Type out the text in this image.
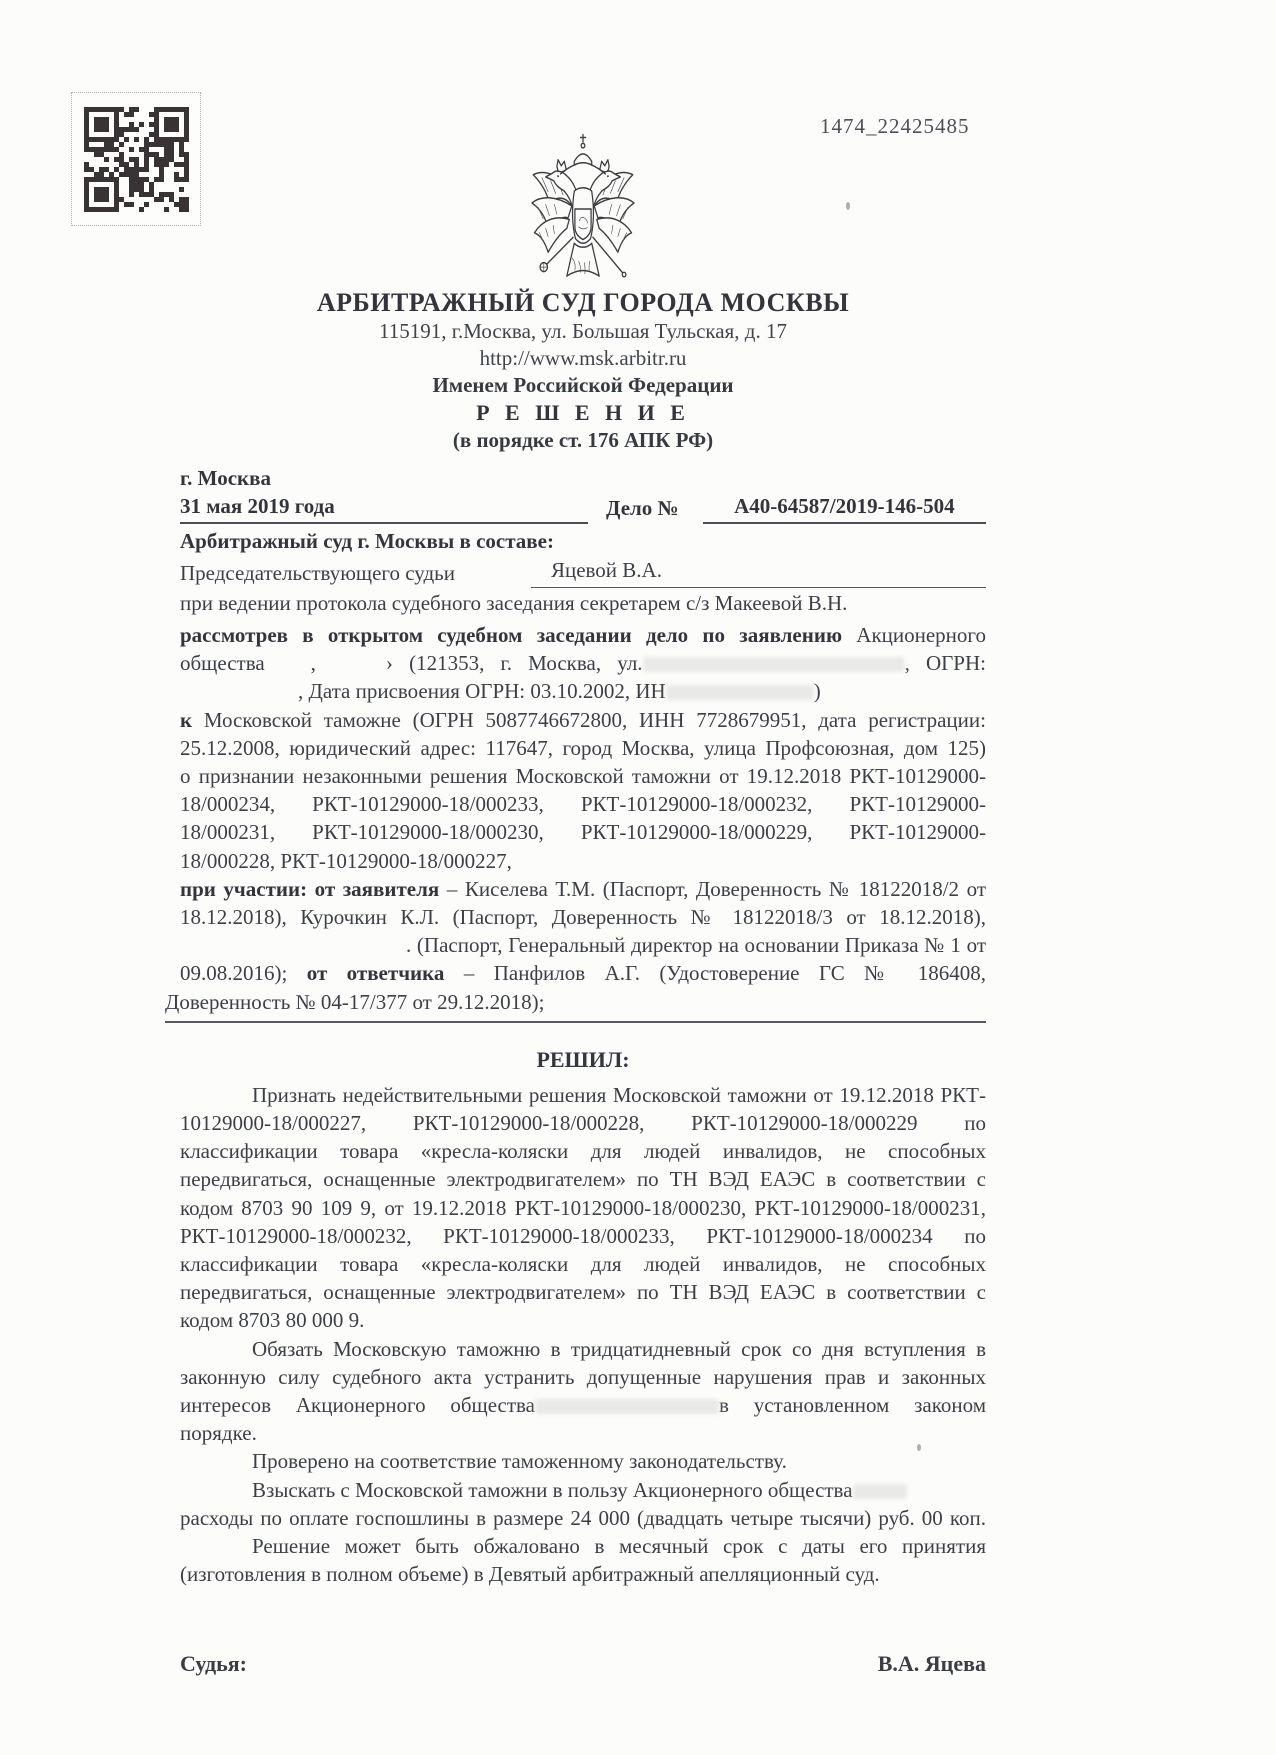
1474_22425485
АРБИТРАЖНЫЙ СУД ГОРОДА МОСКВЫ
115191, г.Москва, ул. Большая Тульская, д. 17
http://www.msk.arbitr.ru
Именем Российской Федерации
Р Е Ш Е Н И Е
(в порядке ст. 176 АПК РФ)
г. Москва
31 мая 2019 года	Дело №	А40-64587/2019-146-504
Арбитражный суд г. Москвы в составе:
Председательствующего судьи	Яцевой В.А.
при ведении протокола судебного заседания секретарем с/з Макеевой В.Н.
рассмотрев в открытом судебном заседании дело по заявлению Акционерного
общества ,	› (121353, г. Москва, ул.	, ОГРН:
, Дата присвоения ОГРН: 03.10.2002, ИН	)
к Московской таможне (ОГРН 5087746672800, ИНН 7728679951, дата регистрации:
25.12.2008, юридический адрес: 117647, город Москва, улица Профсоюзная, дом 125)
о признании незаконными решения Московской таможни от 19.12.2018 РКТ-10129000-
18/000234, РКТ-10129000-18/000233, РКТ-10129000-18/000232, РКТ-10129000-
18/000231, РКТ-10129000-18/000230, РКТ-10129000-18/000229, РКТ-10129000-
18/000228, РКТ-10129000-18/000227,
при участии: от заявителя – Киселева Т.М. (Паспорт, Доверенность № 18122018/2 от
18.12.2018), Курочкин К.Л. (Паспорт, Доверенность № 18122018/3 от 18.12.2018),
. (Паспорт, Генеральный директор на основании Приказа № 1 от
09.08.2016); от ответчика – Панфилов А.Г. (Удостоверение ГС № 186408,
Доверенность № 04-17/377 от 29.12.2018);
РЕШИЛ:
Признать недействительными решения Московской таможни от 19.12.2018 РКТ-
10129000-18/000227, РКТ-10129000-18/000228, РКТ-10129000-18/000229 по
классификации товара «кресла-коляски для людей инвалидов, не способных
передвигаться, оснащенные электродвигателем» по ТН ВЭД ЕАЭС в соответствии с
кодом 8703 90 109 9, от 19.12.2018 РКТ-10129000-18/000230, РКТ-10129000-18/000231,
РКТ-10129000-18/000232, РКТ-10129000-18/000233, РКТ-10129000-18/000234 по
классификации товара «кресла-коляски для людей инвалидов, не способных
передвигаться, оснащенные электродвигателем» по ТН ВЭД ЕАЭС в соответствии с
кодом 8703 80 000 9.
Обязать Московскую таможню в тридцатидневный срок со дня вступления в
законную силу судебного акта устранить допущенные нарушения прав и законных
интересов Акционерного общества	в установленном законом порядке.
Проверено на соответствие таможенному законодательству.
Взыскать с Московской таможни в пользу Акционерного общества
расходы по оплате госпошлины в размере 24 000 (двадцать четыре тысячи) руб. 00 коп.
Решение может быть обжаловано в месячный срок с даты его принятия
(изготовления в полном объеме) в Девятый арбитражный апелляционный суд.
Судья:	В.А. Яцева
